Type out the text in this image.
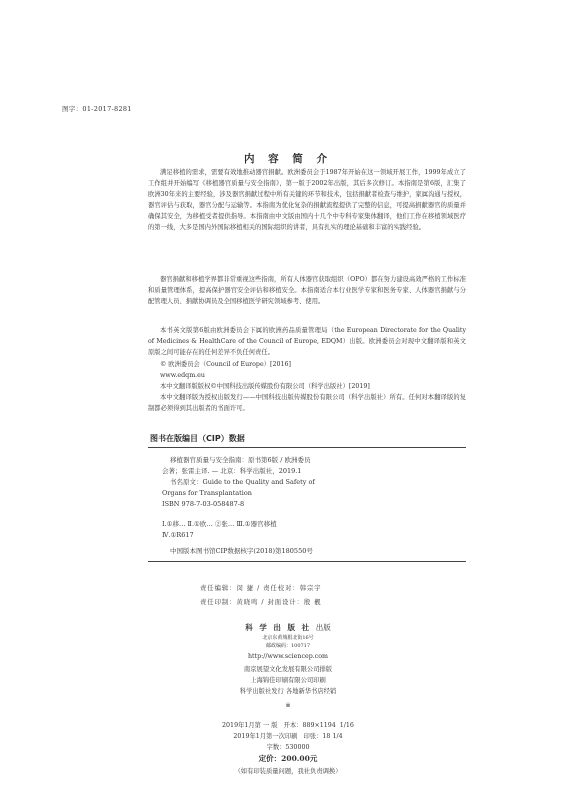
图字：01-2017-8281
内 容 简 介
满足移植的需求，需要有效地推动器官捐献。欧洲委员会于1987年开始在这一领域开展工作，1999年成立了工作组并开始编写《移植器官质量与安全指南》，第一版于2002年出版，其后多次修订。本指南是第6版，汇集了欧洲30年来的主要经验，涉及器官捐献过程中所有关键的环节和技术，包括捐献者检查与维护，家属沟通与授权，器官评估与获取，器官分配与运输等。本指南为优化复杂的捐献流程提供了完整的信息，可提高捐献器官的质量并确保其安全，为移植受者提供指导。本指南由中文版由国内十几个中专科专家集体翻译，他们工作在移植领域医疗的第一线，大多是国内外国际移植相关的国际组织的讲者，具有扎实的理论基础和丰富的实践经验。
器官捐献和移植学界都非常重视这些指南，所有人体器官获取组织（OPO）都在努力建设高效严格的工作标准和质量管理体系，提高保护器官安全评估和移植安全。本指南适合本行业医学专家和医务专家、人体器官捐献与分配管理人员、捐献协调员及全国移植医学研究领域参考、使用。
本书英文版第6版由欧洲委员会下属的欧洲药品质量管理局（the European Directorate for the Quality of Medicines & HealthCare of the Council of Europe, EDQM）出版。欧洲委员会对现中文翻译版和英文原版之间可能存在的任何差异不负任何责任。
© 欧洲委员会（Council of Europe）[2016]
www.edqm.eu
本中文翻译版版权©中国科技出版传媒股份有限公司（科学出版社）[2019]
本中文翻译版为授权出版发行——中国科技出版传媒股份有限公司（科学出版社）所有。任何对本翻译版的复制都必须得到其出版者的书面许可。
图书在版编目（CIP）数据
移植器官质量与安全指南：原书第6版 / 欧洲委员
会著；张雷主译. — 北京：科学出版社，2019.1
书名原文：Guide to the Quality and Safety of
Organs for Transplantation
ISBN 978-7-03-058487-8
Ⅰ.①移… Ⅱ.①欧… ②张… Ⅲ.①器官移植
Ⅳ.①R617
中国版本图书馆CIP数据核字(2018)第180550号
责任编辑：闵 捷 / 责任校对：韩宗宇
责任印制：黄晓鸣 / 封面设计：殷 靓
科 学 出 版 社 出版
北京东黄城根北街16号
邮政编码：100717
http://www.sciencep.com
南京展望文化发展有限公司排版
上海锦佳印刷有限公司印刷
科学出版社发行 各地新华书店经销
※
2019年1月第 一 版   开本：889×1194  1/16
2019年1月第一次印刷   印张：18 1/4
字数：530000
定价：200.00元
（如有印装质量问题，我社负责调换）
